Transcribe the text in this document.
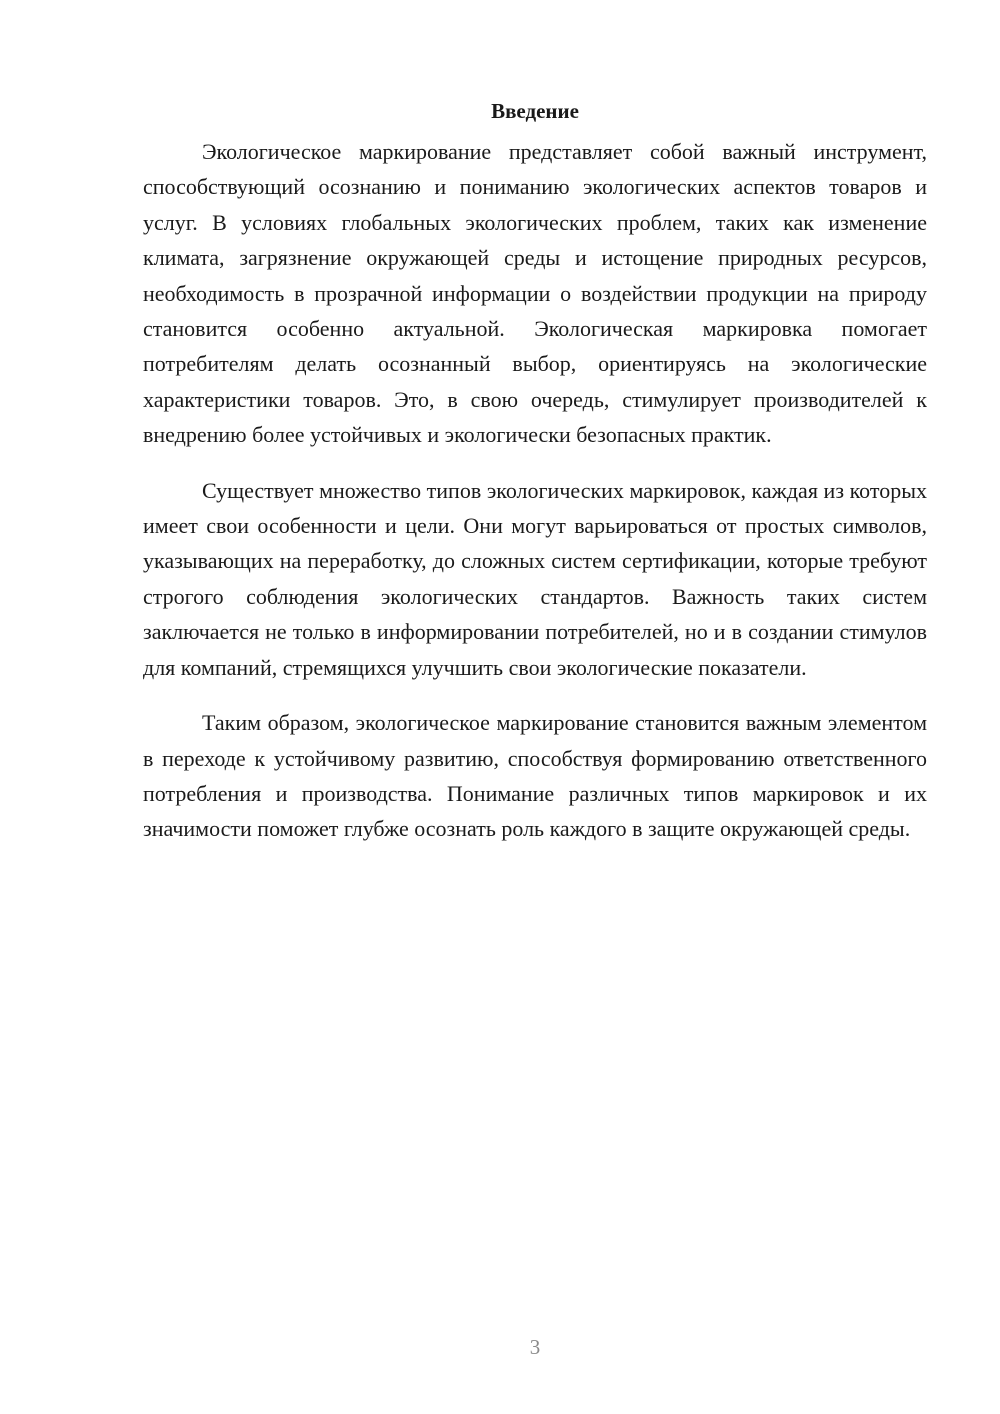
Введение

Экологическое маркирование представляет собой важный инструмент, способствующий осознанию и пониманию экологических аспектов товаров и услуг. В условиях глобальных экологических проблем, таких как изменение климата, загрязнение окружающей среды и истощение природных ресурсов, необходимость в прозрачной информации о воздействии продукции на природу становится особенно актуальной. Экологическая маркировка помогает потребителям делать осознанный выбор, ориентируясь на экологические характеристики товаров. Это, в свою очередь, стимулирует производителей к внедрению более устойчивых и экологически безопасных практик.

Существует множество типов экологических маркировок, каждая из которых имеет свои особенности и цели. Они могут варьироваться от простых символов, указывающих на переработку, до сложных систем сертификации, которые требуют строгого соблюдения экологических стандартов. Важность таких систем заключается не только в информировании потребителей, но и в создании стимулов для компаний, стремящихся улучшить свои экологические показатели.

Таким образом, экологическое маркирование становится важным элементом в переходе к устойчивому развитию, способствуя формированию ответственного потребления и производства. Понимание различных типов маркировок и их значимости поможет глубже осознать роль каждого в защите окружающей среды.

3
